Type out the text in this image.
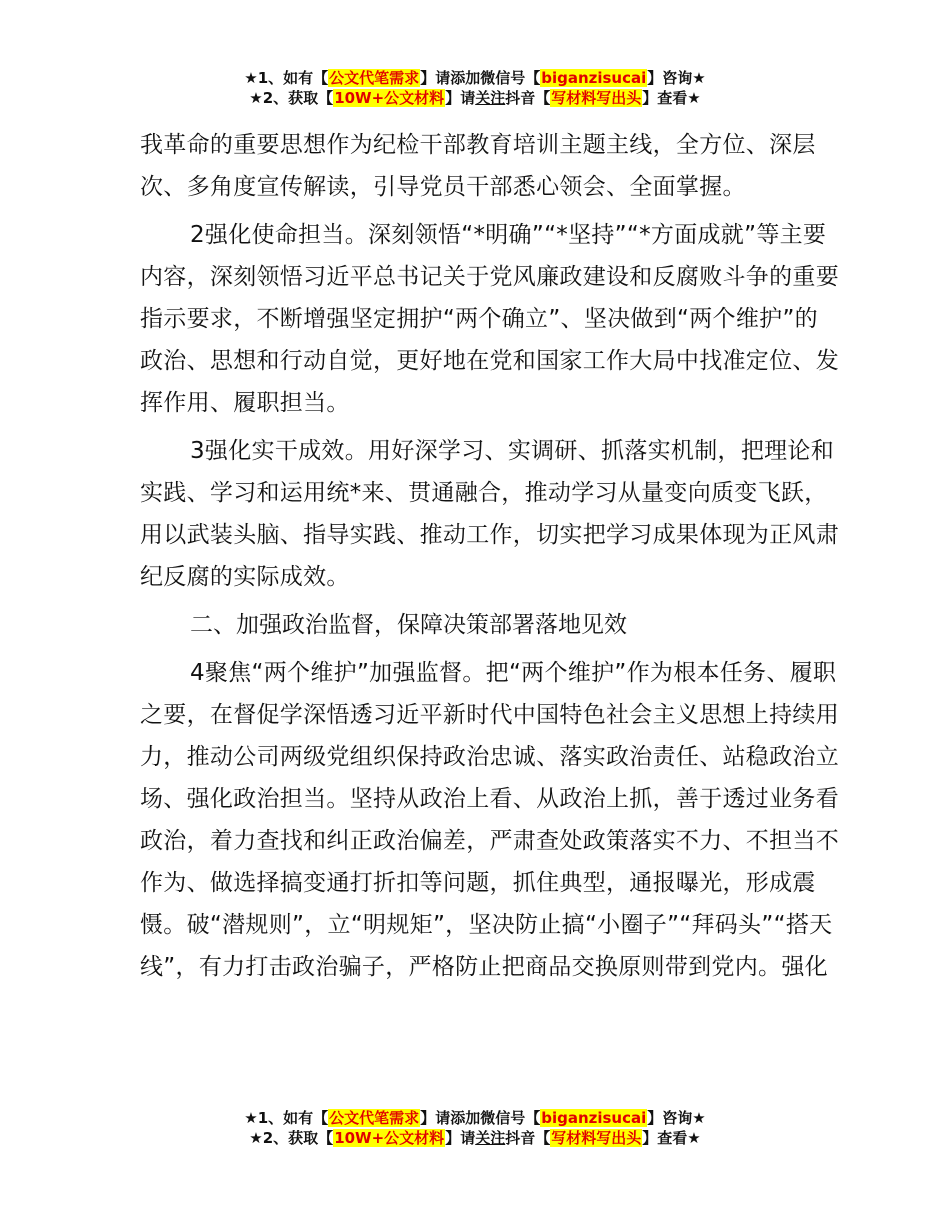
★1、如有【公文代笔需求】请添加微信号【biganzisucai】咨询★
★2、获取【10W+公文材料】请关注抖音【写材料写出头】查看★

我革命的重要思想作为纪检干部教育培训主题主线，全方位、深层次、多角度宣传解读，引导党员干部悉心领会、全面掌握。

2强化使命担当。深刻领悟“*明确”“*坚持”“*方面成就”等主要内容，深刻领悟习近平总书记关于党风廉政建设和反腐败斗争的重要指示要求，不断增强坚定拥护“两个确立”、坚决做到“两个维护”的政治、思想和行动自觉，更好地在党和国家工作大局中找准定位、发挥作用、履职担当。

3强化实干成效。用好深学习、实调研、抓落实机制，把理论和实践、学习和运用统*来、贯通融合，推动学习从量变向质变飞跃，用以武装头脑、指导实践、推动工作，切实把学习成果体现为正风肃纪反腐的实际成效。

二、加强政治监督，保障决策部署落地见效

4聚焦“两个维护”加强监督。把“两个维护”作为根本任务、履职之要，在督促学深悟透习近平新时代中国特色社会主义思想上持续用力，推动公司两级党组织保持政治忠诚、落实政治责任、站稳政治立场、强化政治担当。坚持从政治上看、从政治上抓，善于透过业务看政治，着力查找和纠正政治偏差，严肃查处政策落实不力、不担当不作为、做选择搞变通打折扣等问题，抓住典型，通报曝光，形成震慑。破“潜规则”，立“明规矩”，坚决防止搞“小圈子”“拜码头”“搭天线”，有力打击政治骗子，严格防止把商品交换原则带到党内。强化

★1、如有【公文代笔需求】请添加微信号【biganzisucai】咨询★
★2、获取【10W+公文材料】请关注抖音【写材料写出头】查看★
